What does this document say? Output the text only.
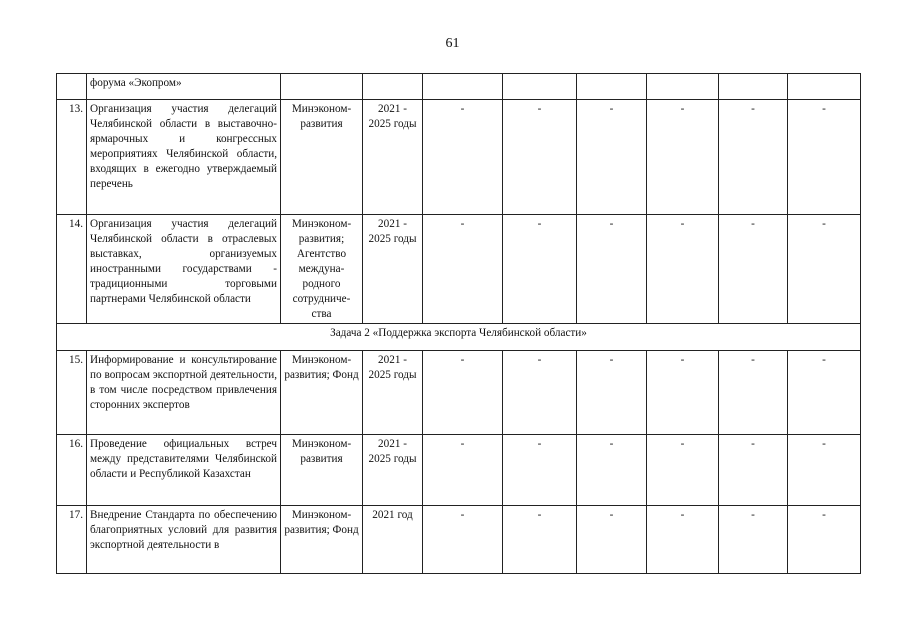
61
	форума «Экопром»								
13.	Организация участия делегаций Челябинской области в выставочно-ярмарочных и конгрессных мероприятиях Челябинской области, входящих в ежегодно утверждаемый перечень	Минэконом-развития	2021 - 2025 годы	-	-	-	-	-	-
14.	Организация участия делегаций Челябинской области в отраслевых выставках, организуемых иностранными государствами - традиционными торговыми партнерами Челябинской области	Минэконом-развития; Агентство междуна-родного сотрудниче-ства	2021 - 2025 годы	-	-	-	-	-	-
Задача 2 «Поддержка экспорта Челябинской области»									
15.	Информирование и консультирование по вопросам экспортной деятельности, в том числе посредством привлечения сторонних экспертов	Минэконом-развития; Фонд	2021 - 2025 годы	-	-	-	-	-	-
16.	Проведение официальных встреч между представителями Челябинской области и Республикой Казахстан	Минэконом-развития	2021 - 2025 годы	-	-	-	-	-	-
17.	Внедрение Стандарта по обеспечению благоприятных условий для развития экспортной деятельности в	Минэконом-развития; Фонд	2021 год	-	-	-	-	-	-
